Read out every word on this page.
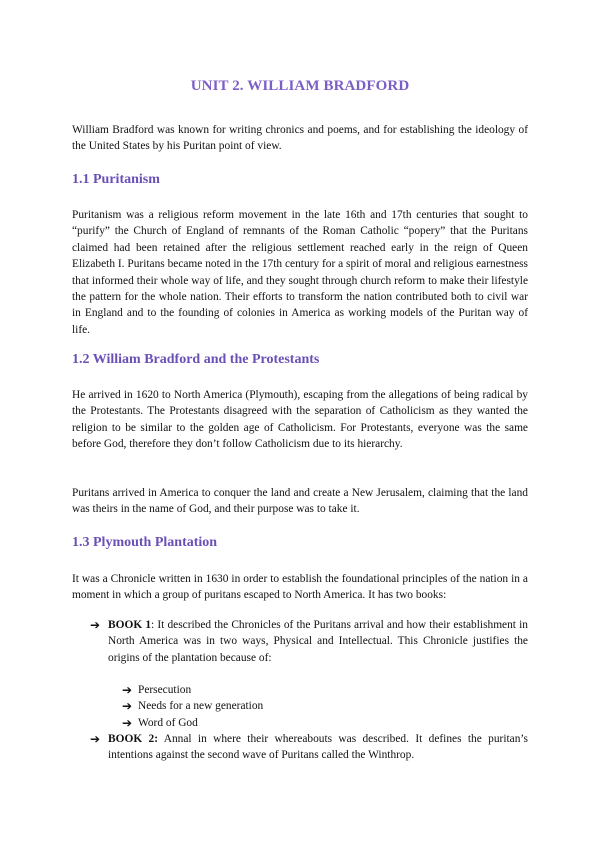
UNIT 2. WILLIAM BRADFORD

William Bradford was known for writing chronics and poems, and for establishing the ideology of the United States by his Puritan point of view.

1.1 Puritanism

Puritanism was a religious reform movement in the late 16th and 17th centuries that sought to “purify” the Church of England of remnants of the Roman Catholic “popery” that the Puritans claimed had been retained after the religious settlement reached early in the reign of Queen Elizabeth I. Puritans became noted in the 17th century for a spirit of moral and religious earnestness that informed their whole way of life, and they sought through church reform to make their lifestyle the pattern for the whole nation. Their efforts to transform the nation contributed both to civil war in England and to the founding of colonies in America as working models of the Puritan way of life.

1.2 William Bradford and the Protestants

He arrived in 1620 to North America (Plymouth), escaping from the allegations of being radical by the Protestants. The Protestants disagreed with the separation of Catholicism as they wanted the religion to be similar to the golden age of Catholicism. For Protestants, everyone was the same before God, therefore they don’t follow Catholicism due to its hierarchy.

Puritans arrived in America to conquer the land and create a New Jerusalem, claiming that the land was theirs in the name of God, and their purpose was to take it.

1.3 Plymouth Plantation

It was a Chronicle written in 1630 in order to establish the foundational principles of the nation in a moment in which a group of puritans escaped to North America. It has two books:

➔ BOOK 1: It described the Chronicles of the Puritans arrival and how their establishment in North America was in two ways, Physical and Intellectual. This Chronicle justifies the origins of the plantation because of:
➔ Persecution
➔ Needs for a new generation
➔ Word of God
➔ BOOK 2: Annal in where their whereabouts was described. It defines the puritan’s intentions against the second wave of Puritans called the Winthrop.
